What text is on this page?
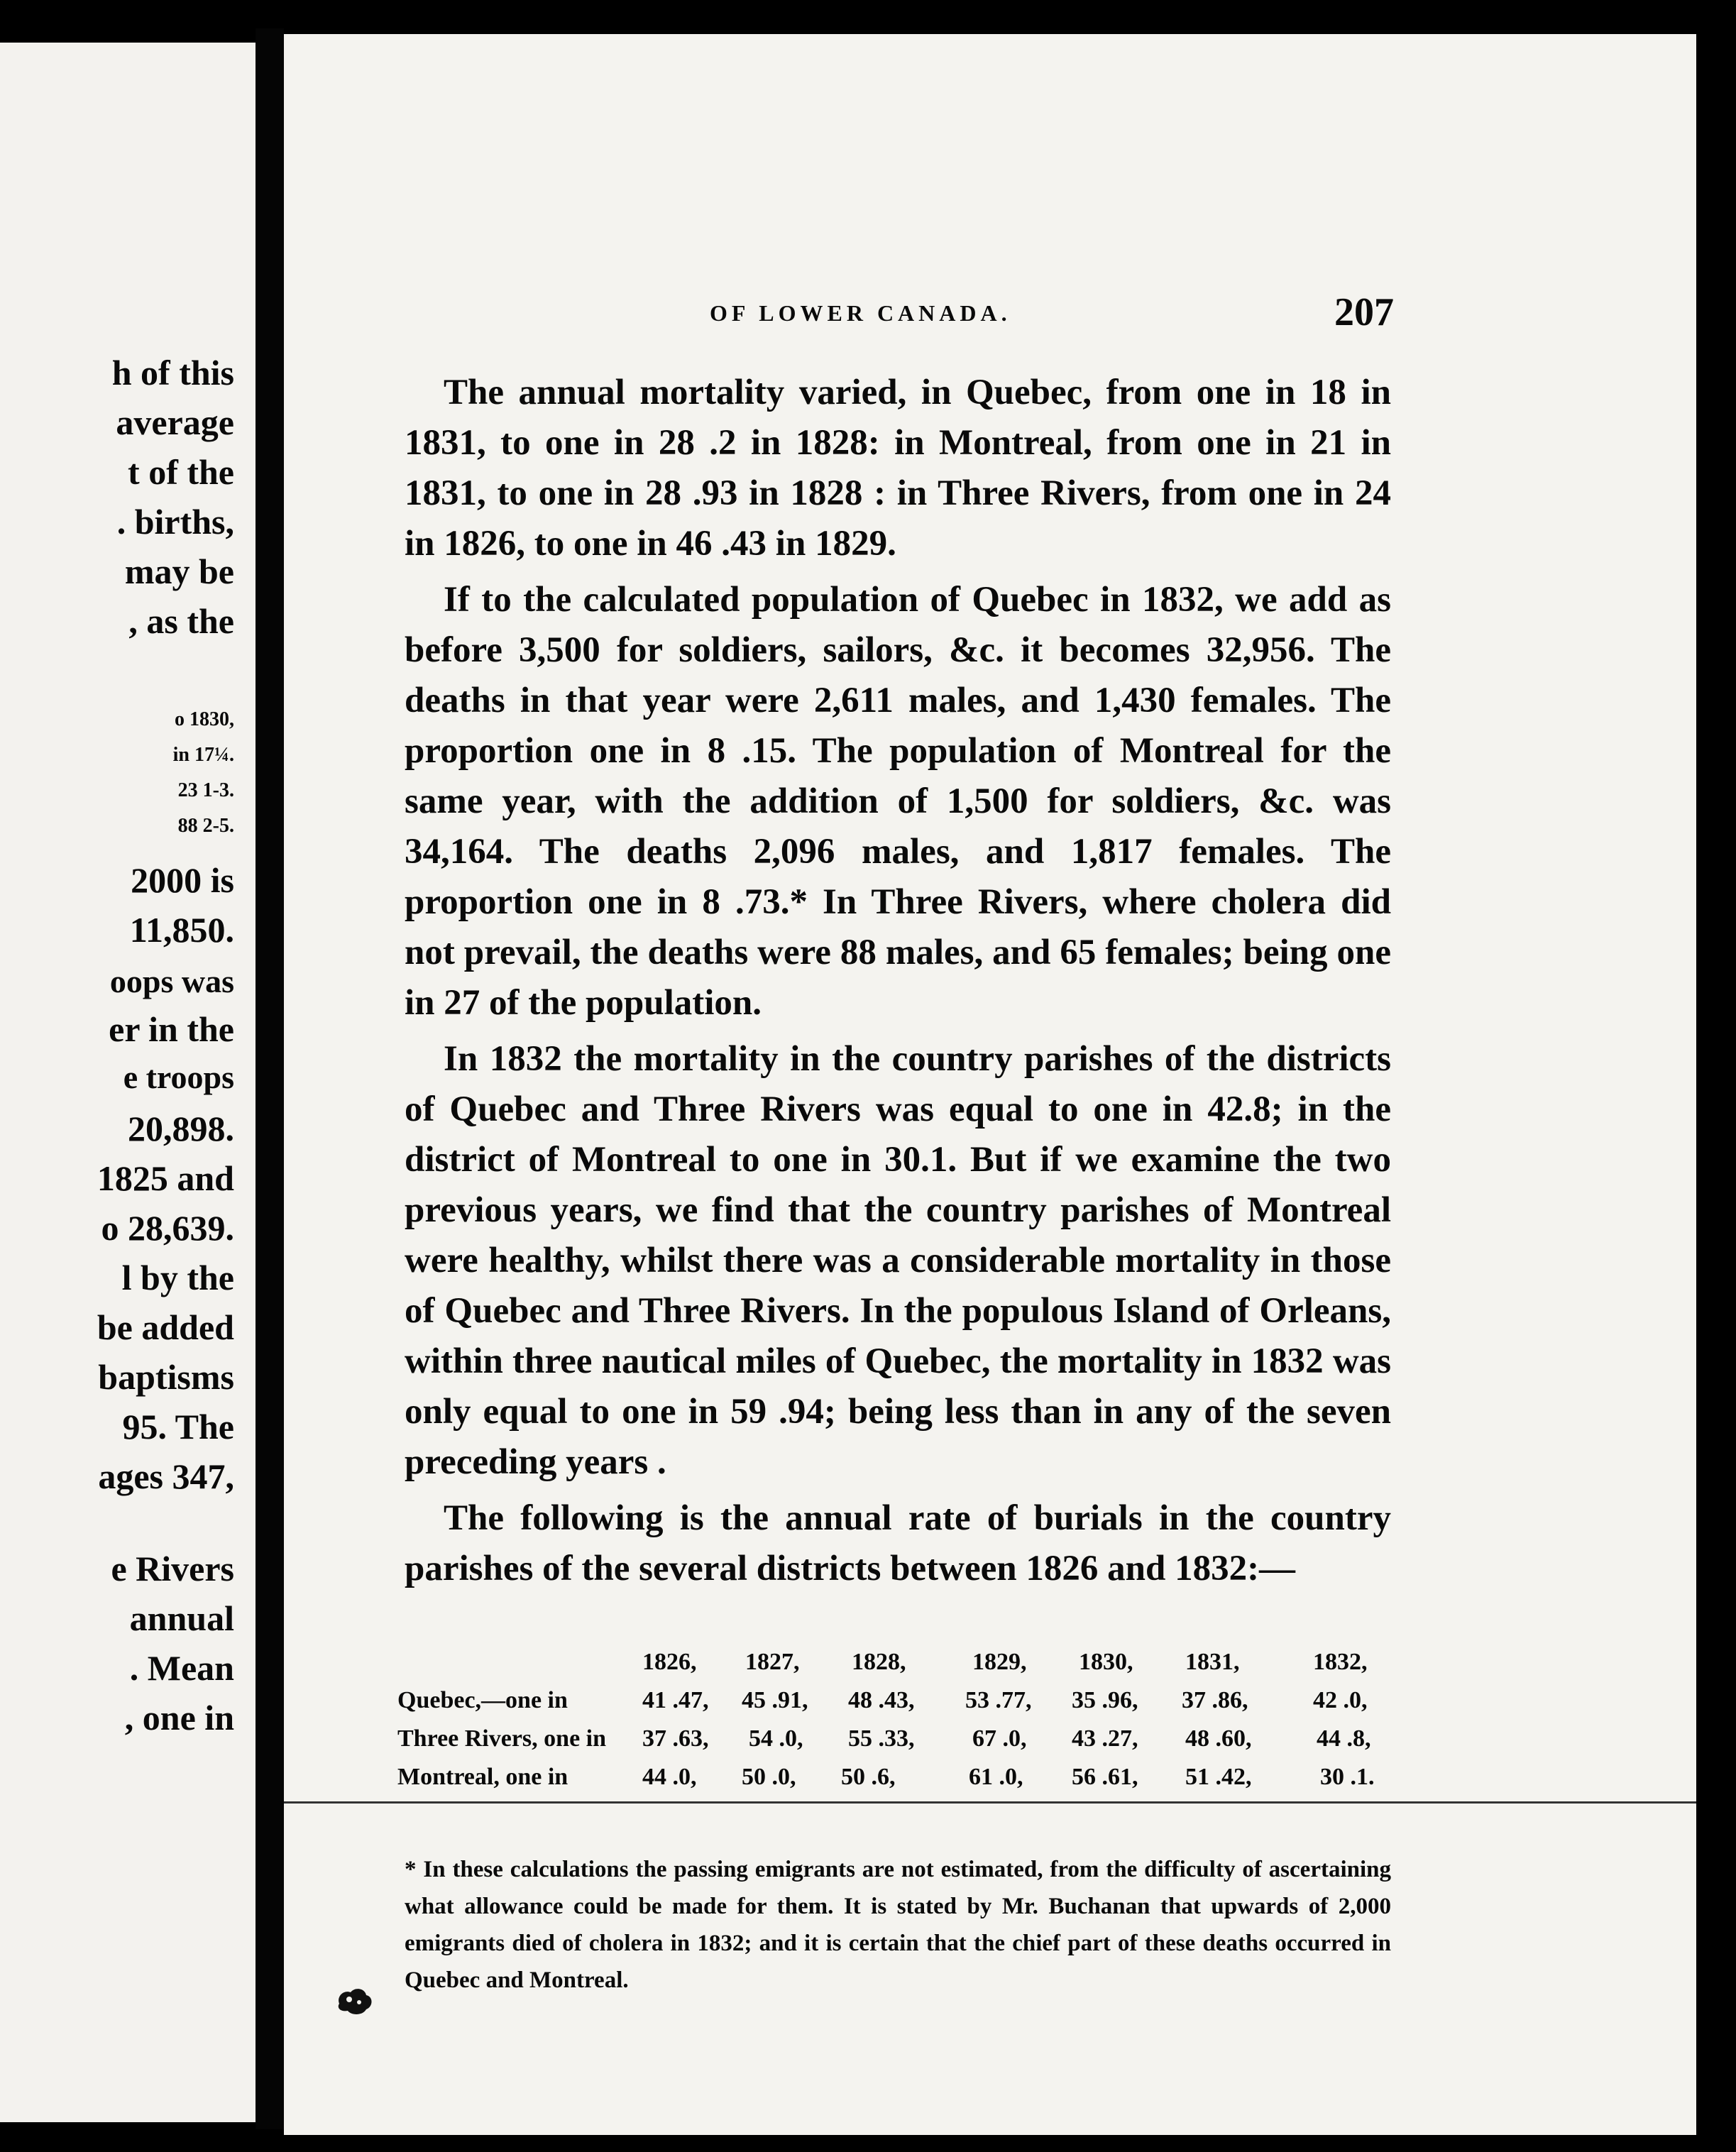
h of this
average
t of the
. births,
may be
, as the
o 1830,
in 17¼.
23 1-3.
88 2-5.
2000 is
11,850.
oops was
er in the
e troops
20,898.
1825 and
o 28,639.
l by the
be added
baptisms
95. The
ages 347,
e Rivers
annual
. Mean
, one in
OF LOWER CANADA.	207

The annual mortality varied, in Quebec, from one in 18 in 1831, to one in 28 .2 in 1828: in Montreal, from one in 21 in 1831, to one in 28 .93 in 1828 : in Three Rivers, from one in 24 in 1826, to one in 46 .43 in 1829.

If to the calculated population of Quebec in 1832, we add as before 3,500 for soldiers, sailors, &c. it becomes 32,956. The deaths in that year were 2,611 males, and 1,430 females. The proportion one in 8 .15. The population of Montreal for the same year, with the addition of 1,500 for soldiers, &c. was 34,164. The deaths 2,096 males, and 1,817 females. The proportion one in 8 .73.* In Three Rivers, where cholera did not prevail, the deaths were 88 males, and 65 females; being one in 27 of the population.

In 1832 the mortality in the country parishes of the districts of Quebec and Three Rivers was equal to one in 42.8; in the district of Montreal to one in 30.1. But if we examine the two previous years, we find that the country parishes of Montreal were healthy, whilst there was a considerable mortality in those of Quebec and Three Rivers. In the populous Island of Orleans, within three nautical miles of Quebec, the mortality in 1832 was only equal to one in 59 .94; being less than in any of the seven preceding years .

The following is the annual rate of burials in the country parishes of the several districts between 1826 and 1832:—

1826, 1827, 1828,	1829, 1830, 1831,	1832,
Quebec,—one in	41 .47, 45 .91, 48 .43, 53 .77, 35 .96, 37 .86,	42 .0,
Three Rivers, one in 37 .63, 54 .0, 55 .33, 67 .0, 43 .27, 48 .60,	44 .8,
Montreal, one in	44 .0, 50 .0, 50 .6,	61 .0, 56 .61, 51 .42,	30 .1.
* In these calculations the passing emigrants are not estimated, from the difficulty of ascertaining what allowance could be made for them. It is stated by Mr. Buchanan that upwards of 2,000 emigrants died of cholera in 1832; and it is certain that the chief part of these deaths occurred in Quebec and Montreal.
